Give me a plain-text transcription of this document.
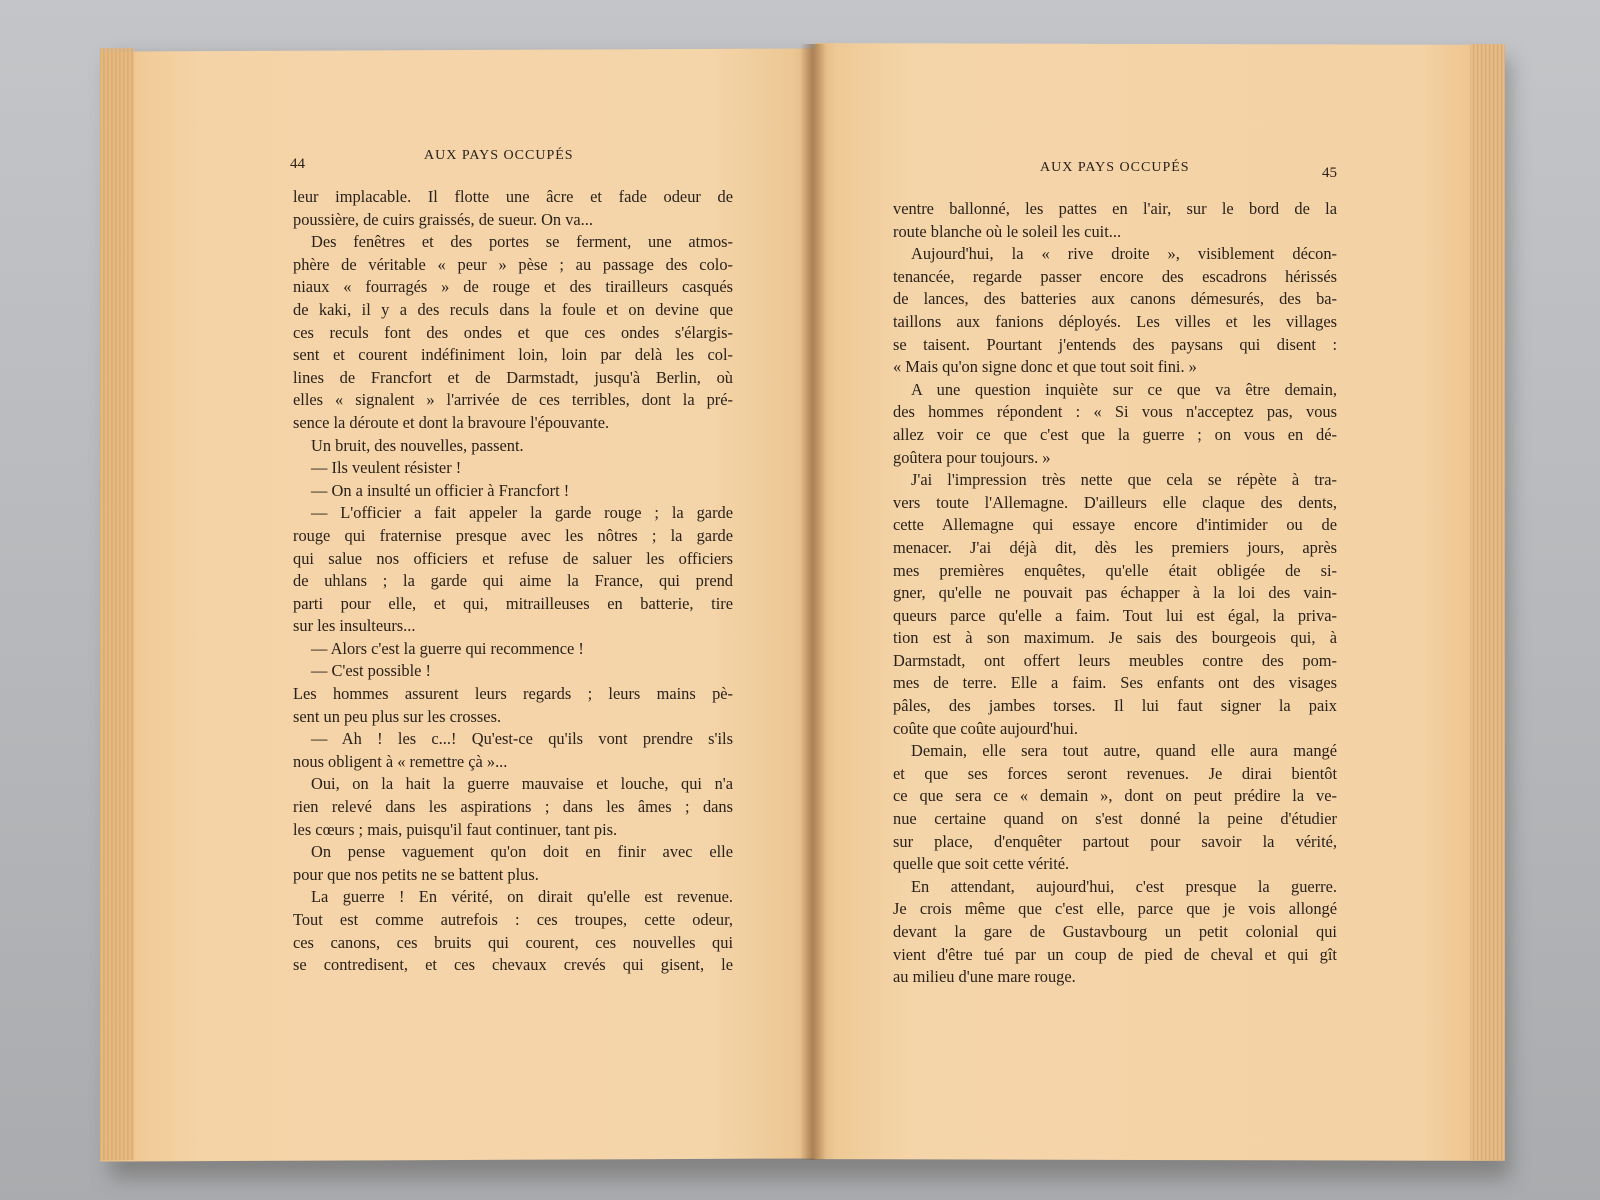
44
AUX PAYS OCCUPÉS
AUX PAYS OCCUPÉS	45
leur implacable. Il flotte une âcre et fade odeur de
poussière, de cuirs graissés, de sueur. On va...
Des fenêtres et des portes se ferment, une atmos-
phère de véritable « peur » pèse ; au passage des colo-
niaux « fourragés » de rouge et des tirailleurs casqués
de kaki, il y a des reculs dans la foule et on devine que
ces reculs font des ondes et que ces ondes s'élargis-
sent et courent indéfiniment loin, loin par delà les col-
lines de Francfort et de Darmstadt, jusqu'à Berlin, où
elles « signalent » l'arrivée de ces terribles, dont la pré-
sence la déroute et dont la bravoure l'épouvante.
Un bruit, des nouvelles, passent.
— Ils veulent résister !
— On a insulté un officier à Francfort !
— L'officier a fait appeler la garde rouge ; la garde
rouge qui fraternise presque avec les nôtres ; la garde
qui salue nos officiers et refuse de saluer les officiers
de uhlans ; la garde qui aime la France, qui prend
parti pour elle, et qui, mitrailleuses en batterie, tire
sur les insulteurs...
— Alors c'est la guerre qui recommence !
— C'est possible !
Les hommes assurent leurs regards ; leurs mains pè-
sent un peu plus sur les crosses.
— Ah ! les c...! Qu'est-ce qu'ils vont prendre s'ils
nous obligent à « remettre çà »...
Oui, on la hait la guerre mauvaise et louche, qui n'a
rien relevé dans les aspirations ; dans les âmes ; dans
les cœurs ; mais, puisqu'il faut continuer, tant pis.
On pense vaguement qu'on doit en finir avec elle
pour que nos petits ne se battent plus.
La guerre ! En vérité, on dirait qu'elle est revenue.
Tout est comme autrefois : ces troupes, cette odeur,
ces canons, ces bruits qui courent, ces nouvelles qui
se contredisent, et ces chevaux crevés qui gisent, le
ventre ballonné, les pattes en l'air, sur le bord de la
route blanche où le soleil les cuit...
Aujourd'hui, la « rive droite », visiblement décon-
tenancée, regarde passer encore des escadrons hérissés
de lances, des batteries aux canons démesurés, des ba-
taillons aux fanions déployés. Les villes et les villages
se taisent. Pourtant j'entends des paysans qui disent :
« Mais qu'on signe donc et que tout soit fini. »
A une question inquiète sur ce que va être demain,
des hommes répondent : « Si vous n'acceptez pas, vous
allez voir ce que c'est que la guerre ; on vous en dé-
goûtera pour toujours. »
J'ai l'impression très nette que cela se répète à tra-
vers toute l'Allemagne. D'ailleurs elle claque des dents,
cette Allemagne qui essaye encore d'intimider ou de
menacer. J'ai déjà dit, dès les premiers jours, après
mes premières enquêtes, qu'elle était obligée de si-
gner, qu'elle ne pouvait pas échapper à la loi des vain-
queurs parce qu'elle a faim. Tout lui est égal, la priva-
tion est à son maximum. Je sais des bourgeois qui, à
Darmstadt, ont offert leurs meubles contre des pom-
mes de terre. Elle a faim. Ses enfants ont des visages
pâles, des jambes torses. Il lui faut signer la paix
coûte que coûte aujourd'hui.
Demain, elle sera tout autre, quand elle aura mangé
et que ses forces seront revenues. Je dirai bientôt
ce que sera ce « demain », dont on peut prédire la ve-
nue certaine quand on s'est donné la peine d'étudier
sur place, d'enquêter partout pour savoir la vérité,
quelle que soit cette vérité.
En attendant, aujourd'hui, c'est presque la guerre.
Je crois même que c'est elle, parce que je vois allongé
devant la gare de Gustavbourg un petit colonial qui
vient d'être tué par un coup de pied de cheval et qui gît
au milieu d'une mare rouge.
